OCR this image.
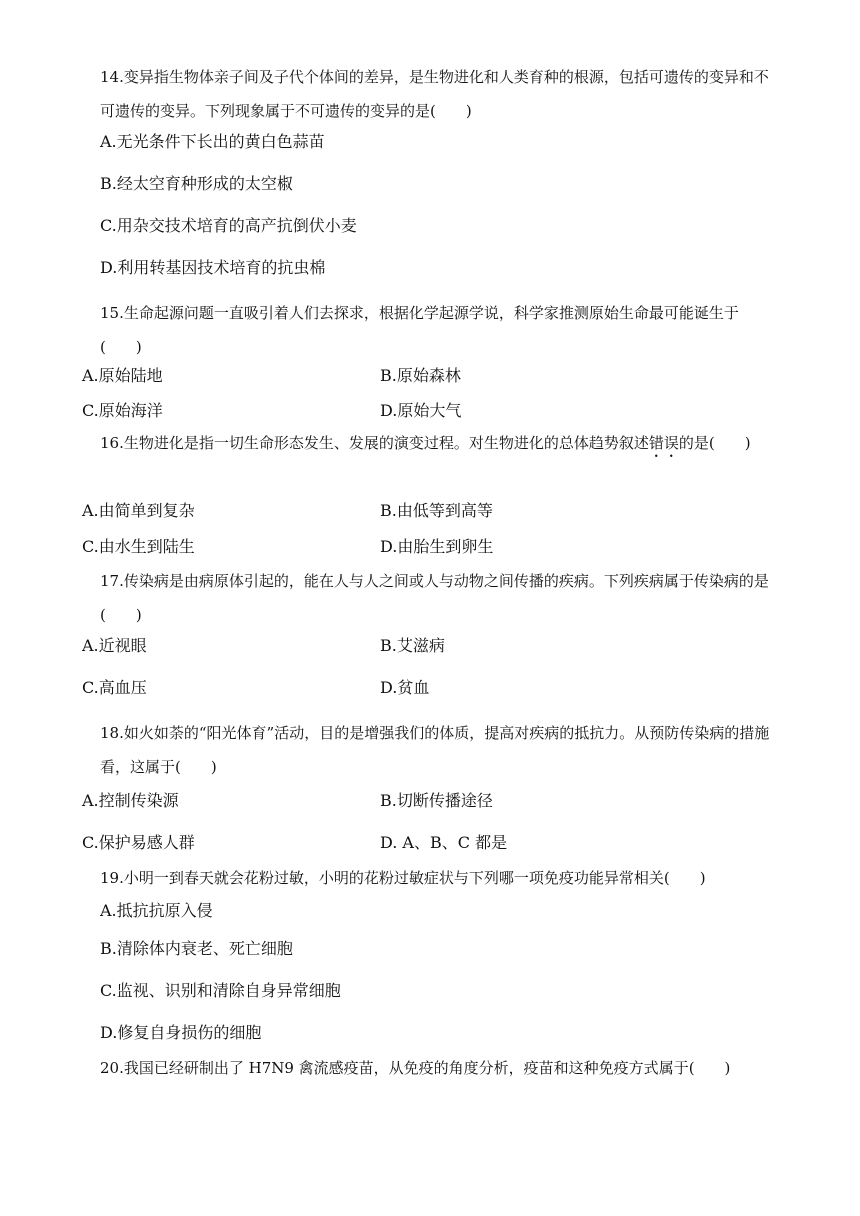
14.变异指生物体亲子间及子代个体间的差异，是生物进化和人类育种的根源，包括可遗传的变异和不可遗传的变异。下列现象属于不可遗传的变异的是(　　)
A.无光条件下长出的黄白色蒜苗
B.经太空育种形成的太空椒
C.用杂交技术培育的高产抗倒伏小麦
D.利用转基因技术培育的抗虫棉
15.生命起源问题一直吸引着人们去探求，根据化学起源学说，科学家推测原始生命最可能诞生于(　　)
A.原始陆地	B.原始森林
C.原始海洋	D.原始大气
16.生物进化是指一切生命形态发生、发展的演变过程。对生物进化的总体趋势叙述错误的是(　　)
A.由简单到复杂	B.由低等到高等
C.由水生到陆生	D.由胎生到卵生
17.传染病是由病原体引起的，能在人与人之间或人与动物之间传播的疾病。下列疾病属于传染病的是(　　)
A.近视眼	B.艾滋病
C.高血压	D.贫血
18.如火如荼的“阳光体育”活动，目的是增强我们的体质，提高对疾病的抵抗力。从预防传染病的措施看，这属于(　　)
A.控制传染源	B.切断传播途径
C.保护易感人群	D. A、B、C 都是
19.小明一到春天就会花粉过敏，小明的花粉过敏症状与下列哪一项免疫功能异常相关(　　)
A.抵抗抗原入侵
B.清除体内衰老、死亡细胞
C.监视、识别和清除自身异常细胞
D.修复自身损伤的细胞
20.我国已经研制出了 H7N9 禽流感疫苗，从免疫的角度分析，疫苗和这种免疫方式属于(　　)
